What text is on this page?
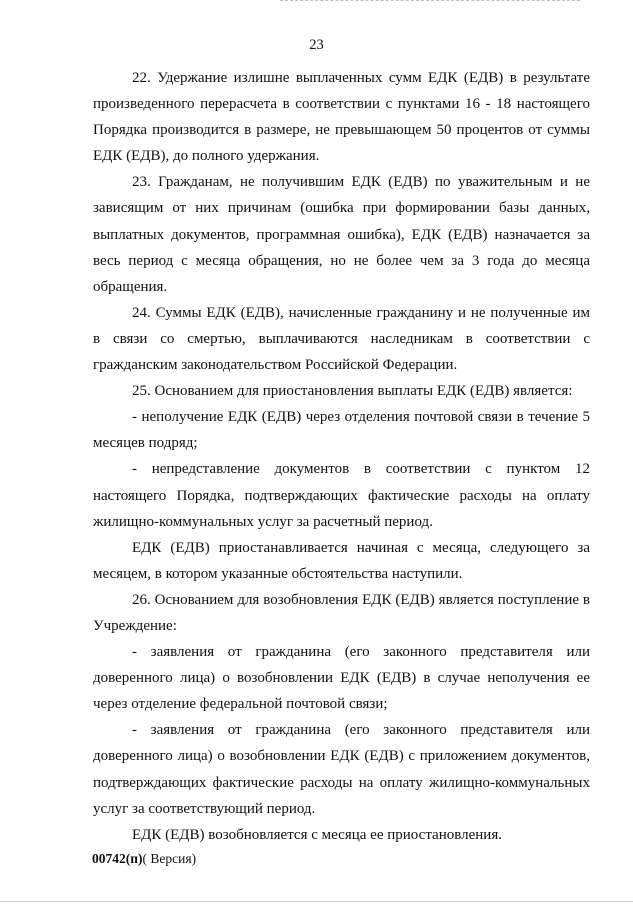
23

22. Удержание излишне выплаченных сумм ЕДК (ЕДВ) в результате произведенного перерасчета в соответствии с пунктами 16 - 18 настоящего Порядка производится в размере, не превышающем 50 процентов от суммы ЕДК (ЕДВ), до полного удержания.

23. Гражданам, не получившим ЕДК (ЕДВ) по уважительным и не зависящим от них причинам (ошибка при формировании базы данных, выплатных документов, программная ошибка), ЕДК (ЕДВ) назначается за весь период с месяца обращения, но не более чем за 3 года до месяца обращения.

24. Суммы ЕДК (ЕДВ), начисленные гражданину и не полученные им в связи со смертью, выплачиваются наследникам в соответствии с гражданским законодательством Российской Федерации.

25. Основанием для приостановления выплаты ЕДК (ЕДВ) является:

- неполучение ЕДК (ЕДВ) через отделения почтовой связи в течение 5 месяцев подряд;

- непредставление документов в соответствии с пунктом 12 настоящего Порядка, подтверждающих фактические расходы на оплату жилищно-коммунальных услуг за расчетный период.

ЕДК (ЕДВ) приостанавливается начиная с месяца, следующего за месяцем, в котором указанные обстоятельства наступили.

26. Основанием для возобновления ЕДК (ЕДВ) является поступление в Учреждение:

- заявления от гражданина (его законного представителя или доверенного лица) о возобновлении ЕДК (ЕДВ) в случае неполучения ее через отделение федеральной почтовой связи;

- заявления от гражданина (его законного представителя или доверенного лица) о возобновлении ЕДК (ЕДВ) с приложением документов, подтверждающих фактические расходы на оплату жилищно-коммунальных услуг за соответствующий период.

ЕДК (ЕДВ) возобновляется с месяца ее приостановления.

00742(п)( Версия)
